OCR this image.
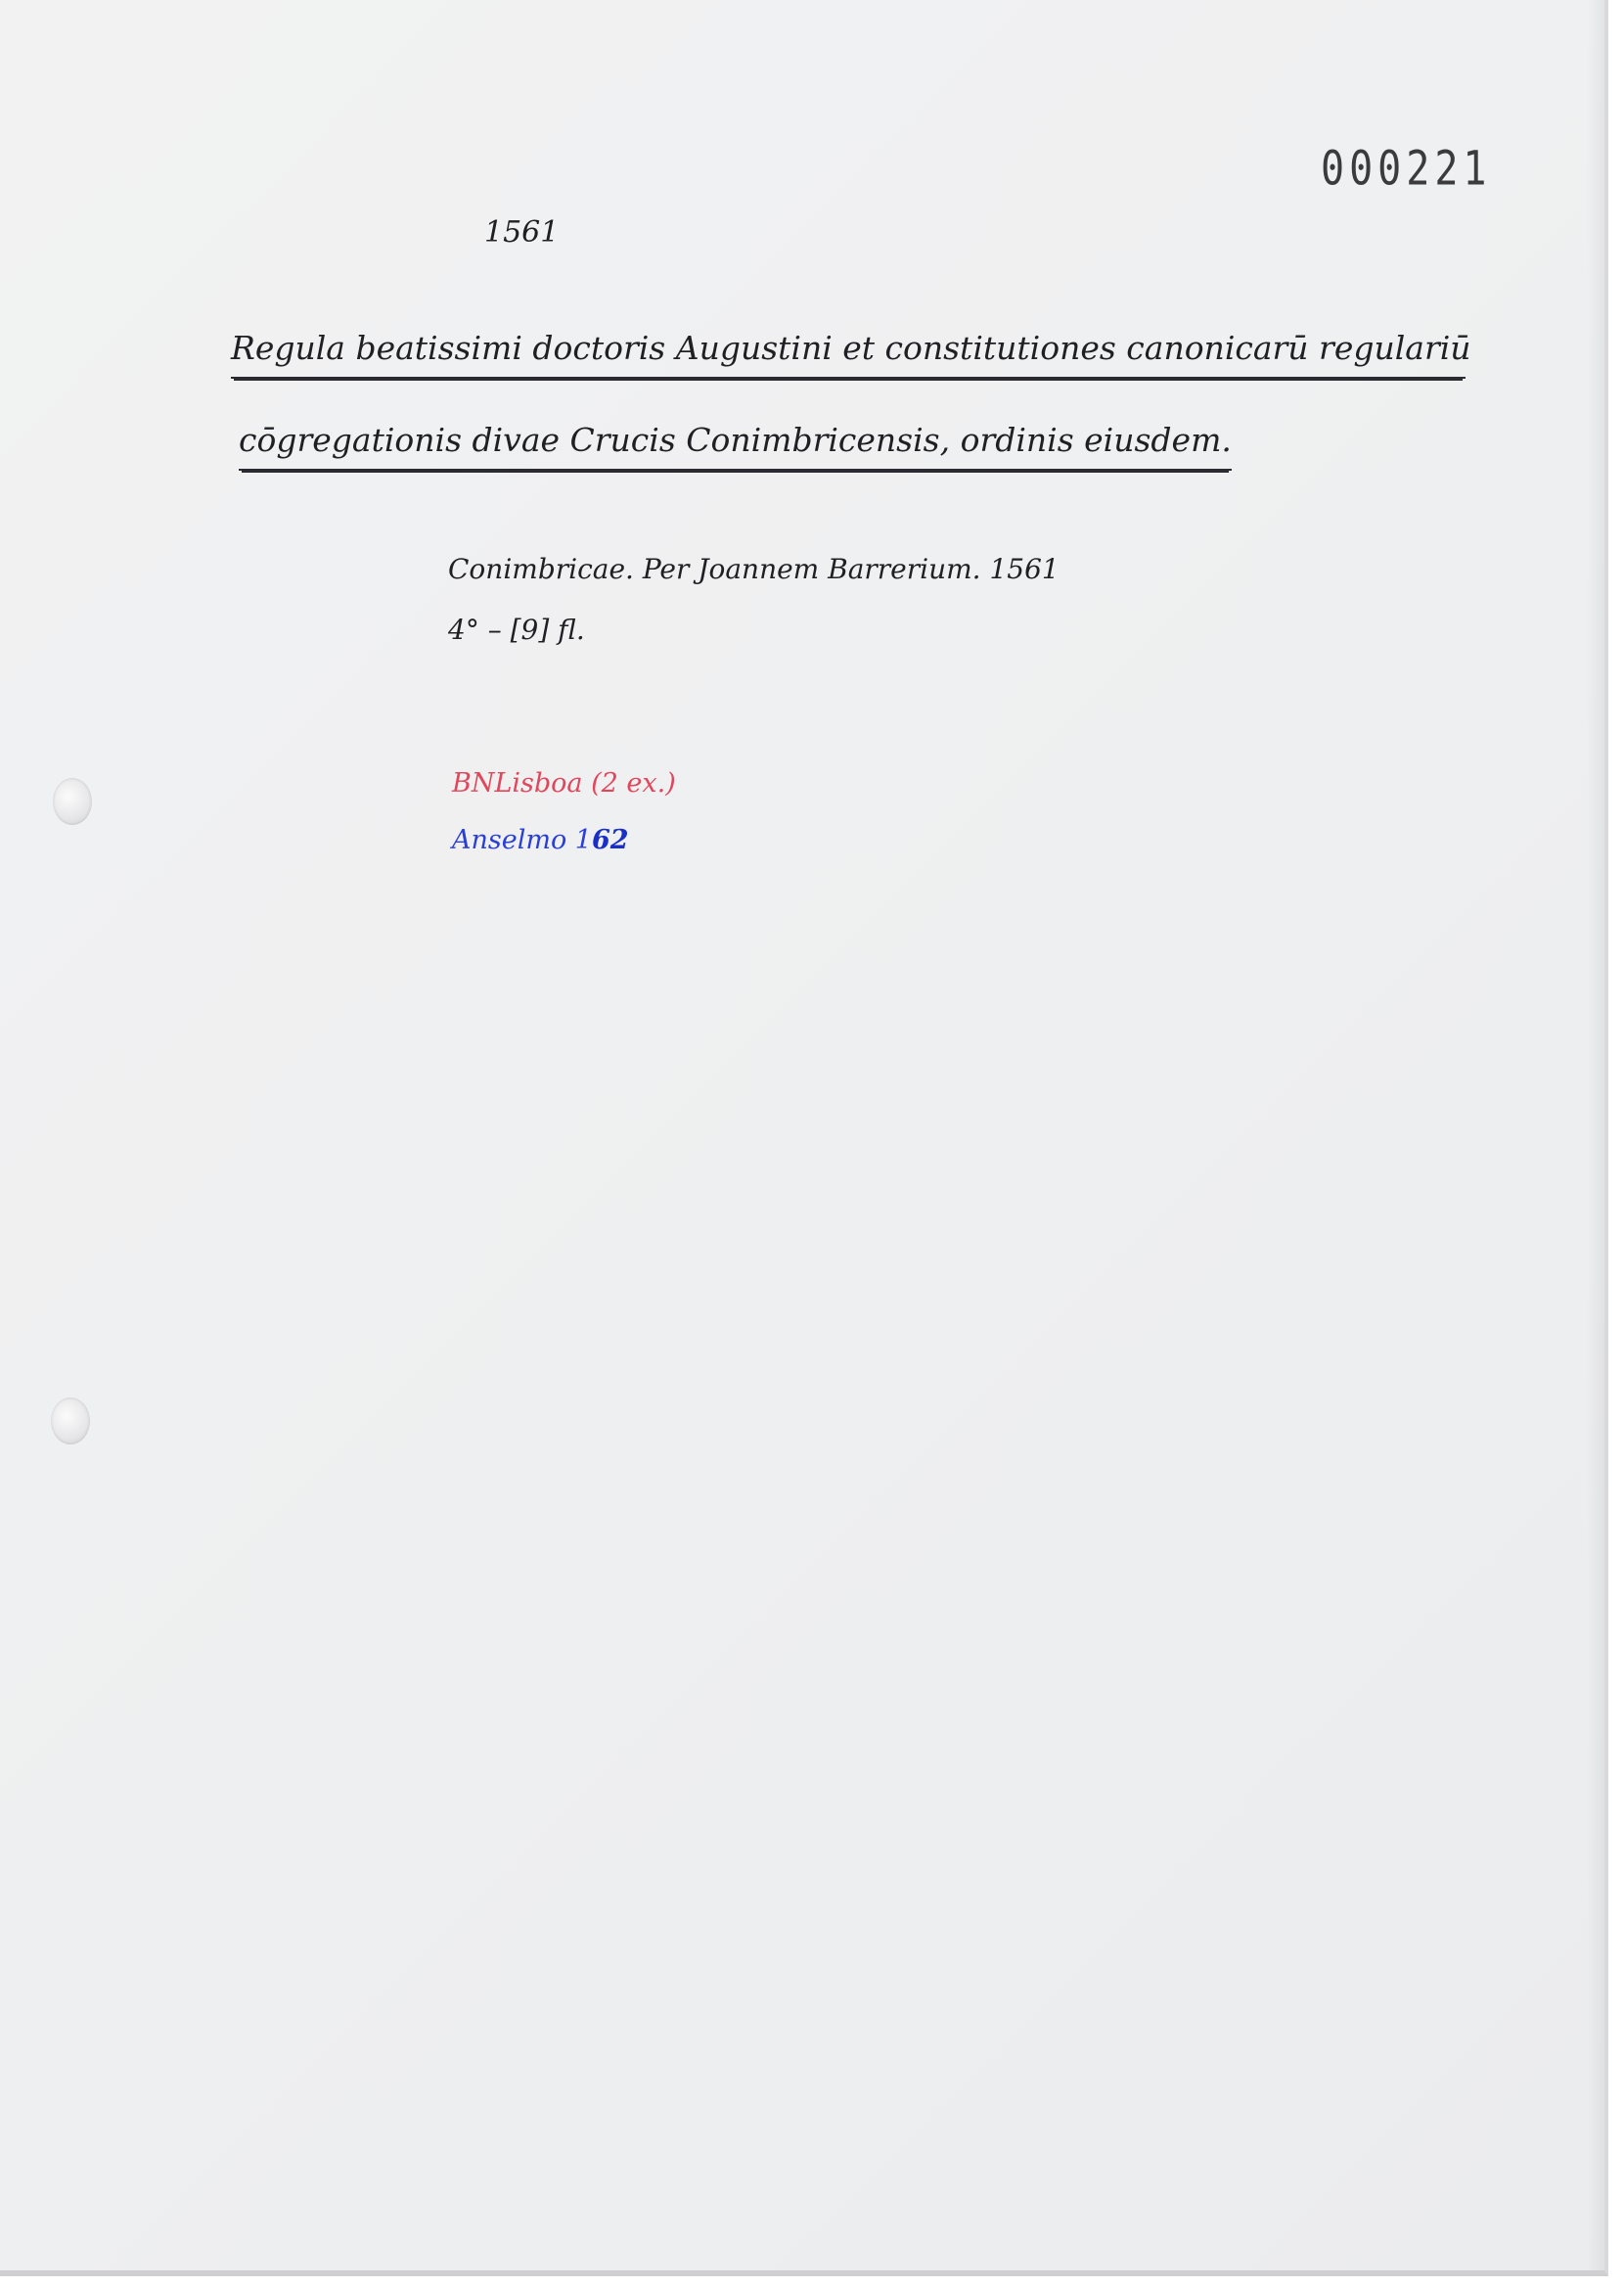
000221
1561
Regula beatissimi doctoris Augustini et constitutiones canonicarū regulariū
cōgregationis divae Crucis Conimbricensis, ordinis eiusdem.
Conimbricae. Per Joannem Barrerium. 1561
4° – [9] fl.
BNLisboa (2 ex.)
Anselmo 162
